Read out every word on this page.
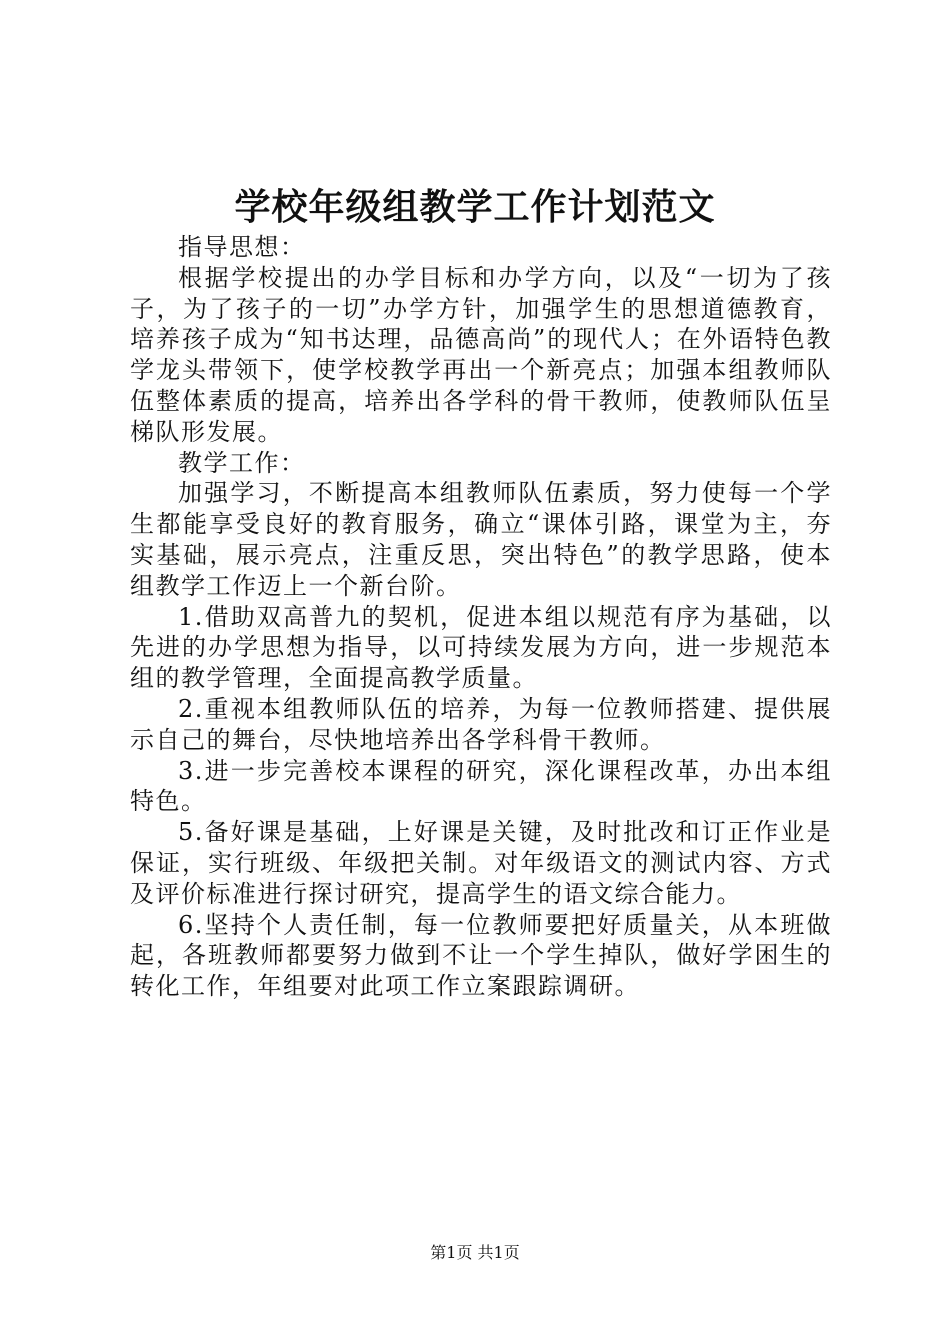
学校年级组教学工作计划范文

指导思想：

根据学校提出的办学目标和办学方向，以及“一切为了孩子，为了孩子的一切”办学方针，加强学生的思想道德教育，培养孩子成为“知书达理，品德高尚”的现代人；在外语特色教学龙头带领下，使学校教学再出一个新亮点；加强本组教师队伍整体素质的提高，培养出各学科的骨干教师，使教师队伍呈梯队形发展。

教学工作：

加强学习，不断提高本组教师队伍素质，努力使每一个学生都能享受良好的教育服务，确立“课体引路，课堂为主，夯实基础，展示亮点，注重反思，突出特色”的教学思路，使本组教学工作迈上一个新台阶。

1.借助双高普九的契机，促进本组以规范有序为基础，以先进的办学思想为指导，以可持续发展为方向，进一步规范本组的教学管理，全面提高教学质量。

2.重视本组教师队伍的培养，为每一位教师搭建、提供展示自己的舞台，尽快地培养出各学科骨干教师。

3.进一步完善校本课程的研究，深化课程改革，办出本组特色。

5.备好课是基础，上好课是关键，及时批改和订正作业是保证，实行班级、年级把关制。对年级语文的测试内容、方式及评价标准进行探讨研究，提高学生的语文综合能力。

6.坚持个人责任制，每一位教师要把好质量关，从本班做起，各班教师都要努力做到不让一个学生掉队，做好学困生的转化工作，年组要对此项工作立案跟踪调研。

第1页 共1页
